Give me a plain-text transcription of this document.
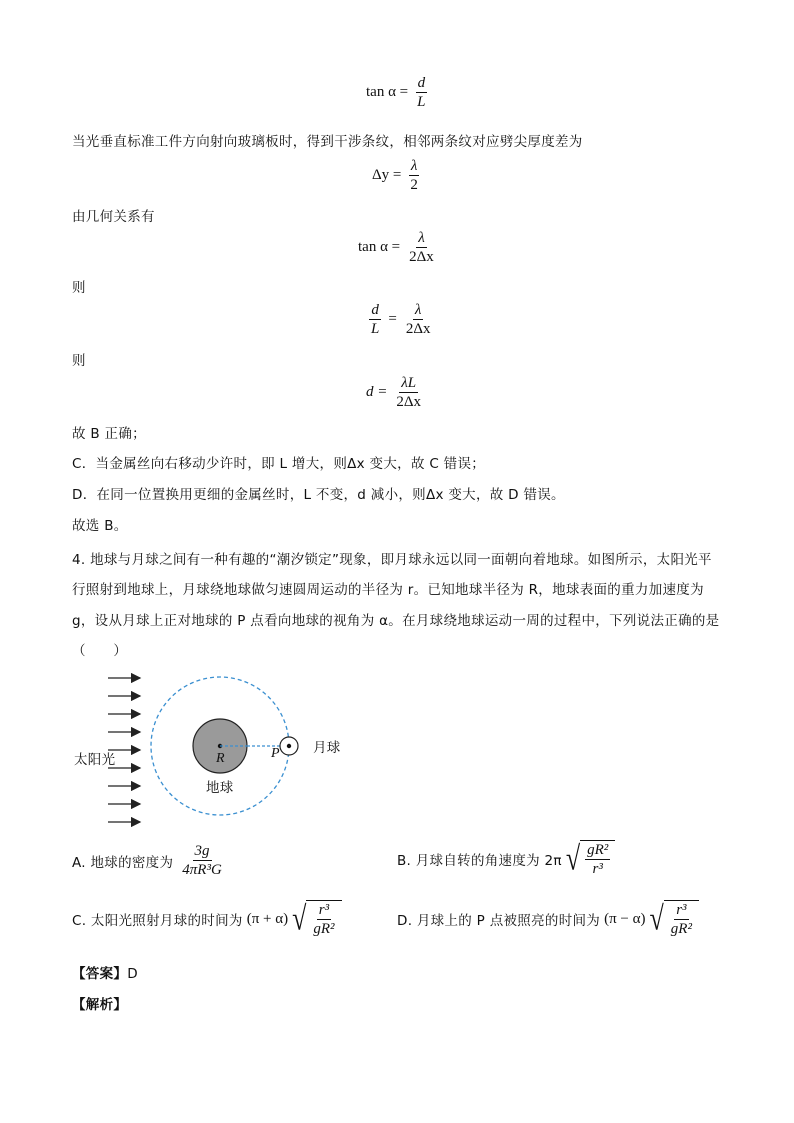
$\tan \alpha = \frac{d}{L}$
当光垂直标准工件方向射向玻璃板时，得到干涉条纹，相邻两条纹对应劈尖厚度差为
$\Delta y = \frac{\lambda}{2}$
由几何关系有
$\tan \alpha = \frac{\lambda}{2\Delta x}$
则
$\frac{d}{L} = \frac{\lambda}{2\Delta x}$
则
$d = \frac{\lambda L}{2\Delta x}$
故 B 正确；
C．当金属丝向右移动少许时，即 L 增大，则Δx 变大，故 C 错误；
D．在同一位置换用更细的金属丝时，L 不变，d 减小，则Δx 变大，故 D 错误。
故选 B。
4. 地球与月球之间有一种有趣的“潮汐锁定”现象，即月球永远以同一面朝向着地球。如图所示，太阳光平
行照射到地球上，月球绕地球做匀速圆周运动的半径为 r。已知地球半径为 R，地球表面的重力加速度为
g，设从月球上正对地球的 P 点看向地球的视角为 α。在月球绕地球运动一周的过程中，下列说法正确的是
（　　）
太阳光
地球
月球
R	P
A. 地球的密度为 $\frac{3g}{\text{4πR³G}}$	B. 月球自转的角速度为 2π √ $\frac{\text{gR²}}{\text{r³}}$
C. 太阳光照射月球的时间为 (π + α) √ $\frac{\text{r³}}{\text{gR²}}$	D. 月球上的 P 点被照亮的时间为 (π − α) √ $\frac{\text{r³}}{\text{gR²}}$
【答案】D
【解析】
